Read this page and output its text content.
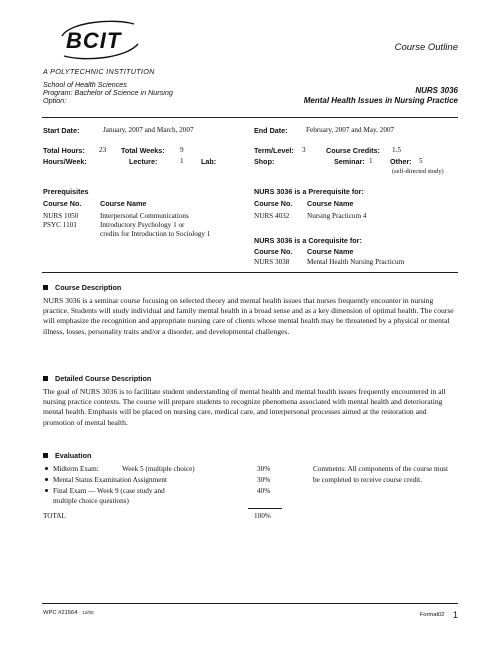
BCIT
A POLYTECHNIC INSTITUTION
Course Outline
School of Health Sciences
Program: Bachelor of Science in Nursing
Option:
NURS 3036
Mental Health Issues in Nursing Practice
Start Date:	January, 2007 and March, 2007	End Date:	February, 2007 and May, 2007
Total Hours: 23 Total Weeks: 9	Term/Level: 3	Course Credits: 1.5
Hours/Week:	Lecture:	1 Lab:	Shop:	Seminar: 1 Other: 5
(self-directed study)
Prerequisites
Course No.	Course Name
NURS 1050	Interpersonal Communications
PSYC 1101	Introductory Psychology 1 or
credits for Introduction to Sociology 1
NURS 3036 is a Prerequisite for:
Course No. Course Name
NURS 4032 Nursing Practicum 4
NURS 3036 is a Corequisite for:
Course No. Course Name
NURS 3038 Mental Health Nursing Practicum
Course Description
NURS 3036 is a seminar course focusing on selected theory and mental health issues that nurses frequently encounter in nursing practice. Students will study individual and family mental health in a broad sense and as a key dimension of optimal health. The course will emphasize the recognition and appropriate nursing care of clients whose mental health may be threatened by a physical or mental illness, losses, personality traits and/or a disorder, and developmental challenges.
Detailed Course Description
The goal of NURS 3036 is to facilitate student understanding of mental health and mental health issues frequently encountered in all nursing practice contexts. The course will prepare students to recognize phenomena associated with mental health and deteriorating mental health. Emphasis will be placed on nursing care, medical care, and interpersonal processes aimed at the restoration and promotion of mental health.
Evaluation
Midterm Exam:	Week 5 (multiple choice)	30%
Mental Status Examination Assignment	30%
Final Exam — Week 9 (case study and
multiple choice questions)
40%
TOTAL	100%
Comments: All components of the course must be completed to receive course credit.
WPC #21564 12/00	Format02 1
